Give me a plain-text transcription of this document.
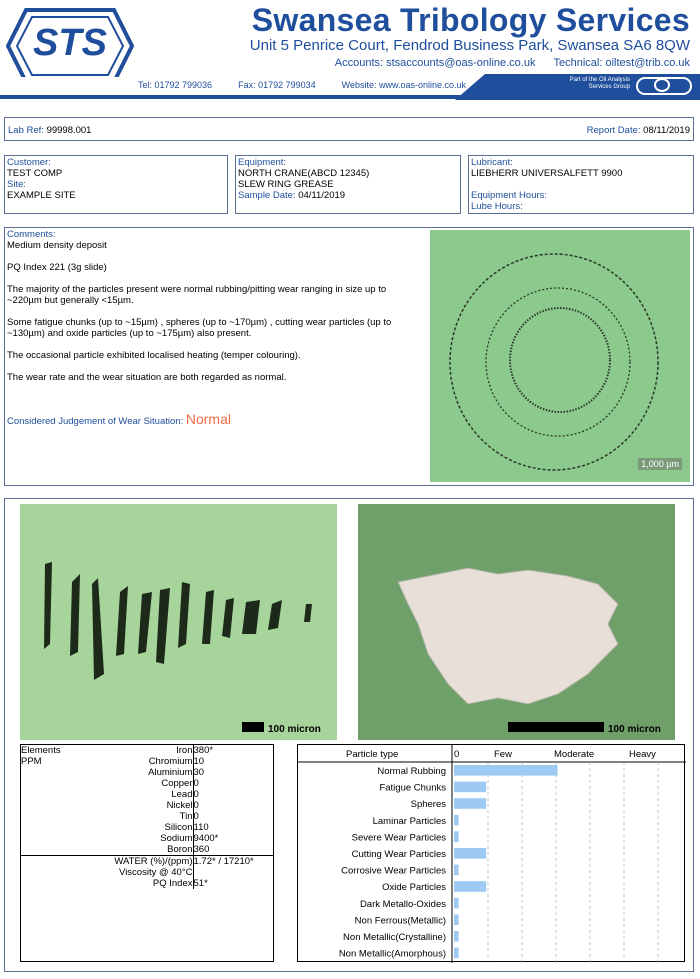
STS
Swansea Tribology Services
Unit 5 Penrice Court, Fendrod Business Park, Swansea SA6 8QW
Accounts: stsaccounts@oas-online.co.uk Technical: oiltest@trib.co.uk
Tel: 01792 799036	Fax: 01792 799034	Website: www.oas-online.co.uk	Part of the Oil Analysis
Services Group
Lab Ref: 99998.001	Report Date: 08/11/2019
Customer:
TEST COMP
Site:
EXAMPLE SITE
Equipment:
NORTH CRANE(ABCD 12345)
SLEW RING GREASE
Sample Date: 04/11/2019
Lubricant:
LIEBHERR UNIVERSALFETT 9900
Equipment Hours:
Lube Hours:
Comments:
Medium density deposit
PQ Index 221 (3g slide)
The majority of the particles present were normal rubbing/pitting wear ranging in size up to ~220µm but generally <15µm.
Some fatigue chunks (up to ~15µm) , spheres (up to ~170µm) , cutting wear particles (up to ~130µm) and oxide particles (up to ~175µm) also present.
The occasional particle exhibited localised heating (temper colouring).
The wear rate and the wear situation are both regarded as normal.
Considered Judgement of Wear Situation: Normal
1,000 µm
100 micron	100 micron
Elements	Iron	380*
PPM	Chromium	10
	Aluminium	30
	Copper	0
	Lead	0
	Nickel	0
	Tin	0
	Silicon	110
	Sodium	9400*
	Boron	360
	WATER (%)/(ppm)	1.72* / 17210*
	Viscosity @ 40°C	
	PQ Index	51*
Particle type	0	Few	Moderate	Heavy
Normal Rubbing
Fatigue Chunks
Spheres
Laminar Particles
Severe Wear Particles
Cutting Wear Particles
Corrosive Wear Particles
Oxide Particles
Dark Metallo-Oxides
Non Ferrous(Metallic)
Non Metallic(Crystalline)
Non Metallic(Amorphous)
